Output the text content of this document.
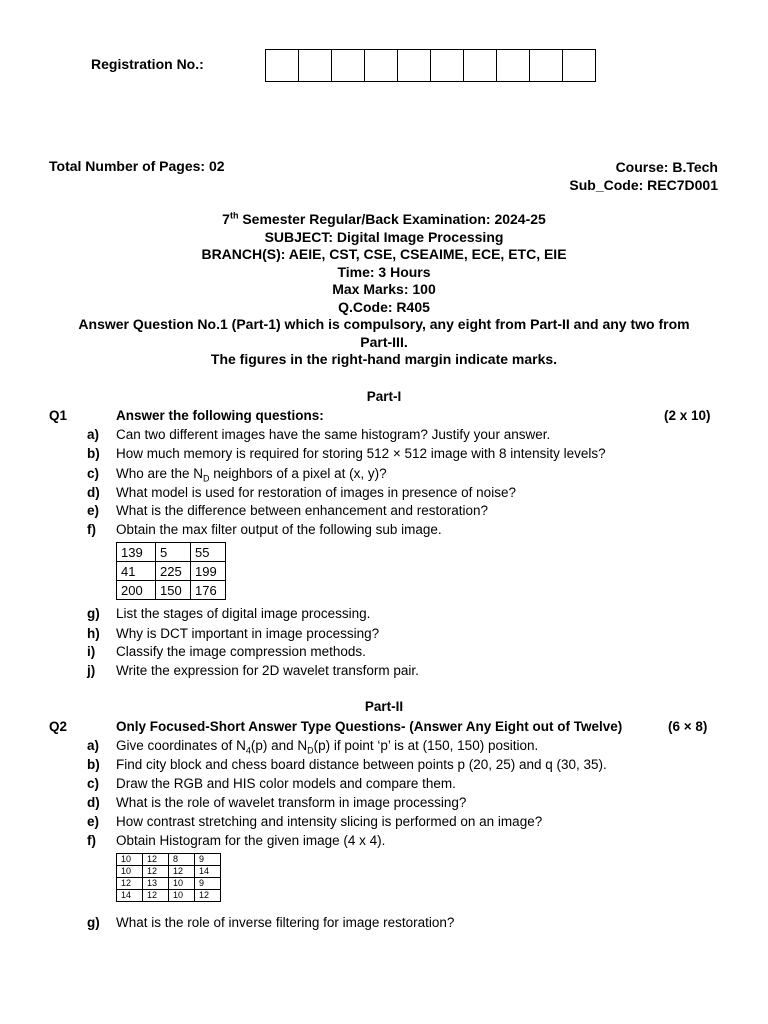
Registration No.:
Total Number of Pages: 02	Course: B.Tech
Sub_Code: REC7D001
7th Semester Regular/Back Examination: 2024-25
SUBJECT: Digital Image Processing
BRANCH(S): AEIE, CST, CSE, CSEAIME, ECE, ETC, EIE
Time: 3 Hours
Max Marks: 100
Q.Code: R405
Answer Question No.1 (Part-1) which is compulsory, any eight from Part-II and any two from
Part-III.
The figures in the right-hand margin indicate marks.
Part-I
Q1	Answer the following questions:	(2 x 10)
a) Can two different images have the same histogram? Justify your answer.
b) How much memory is required for storing 512 × 512 image with 8 intensity levels?
c) Who are the $N_D$ neighbors of a pixel at (x, y)?
d) What model is used for restoration of images in presence of noise?
e) What is the difference between enhancement and restoration?
f) Obtain the max filter output of the following sub image.
139	5	55
41	225	199
200	150	176
g) List the stages of digital image processing.
h) Why is DCT important in image processing?
i) Classify the image compression methods.
j) Write the expression for 2D wavelet transform pair.
Part-II
Q2	Only Focused-Short Answer Type Questions- (Answer Any Eight out of Twelve)	(6 × 8)
a) Give coordinates of $N_4(p)$ and $N_D(p)$ if point ‘p’ is at (150, 150) position.
b) Find city block and chess board distance between points p (20, 25) and q (30, 35).
c) Draw the RGB and HIS color models and compare them.
d) What is the role of wavelet transform in image processing?
e) How contrast stretching and intensity slicing is performed on an image?
f) Obtain Histogram for the given image (4 x 4).
10	12	8	9
10	12	12	14
12	13	10	9
14	12	10	12
g) What is the role of inverse filtering for image restoration?
